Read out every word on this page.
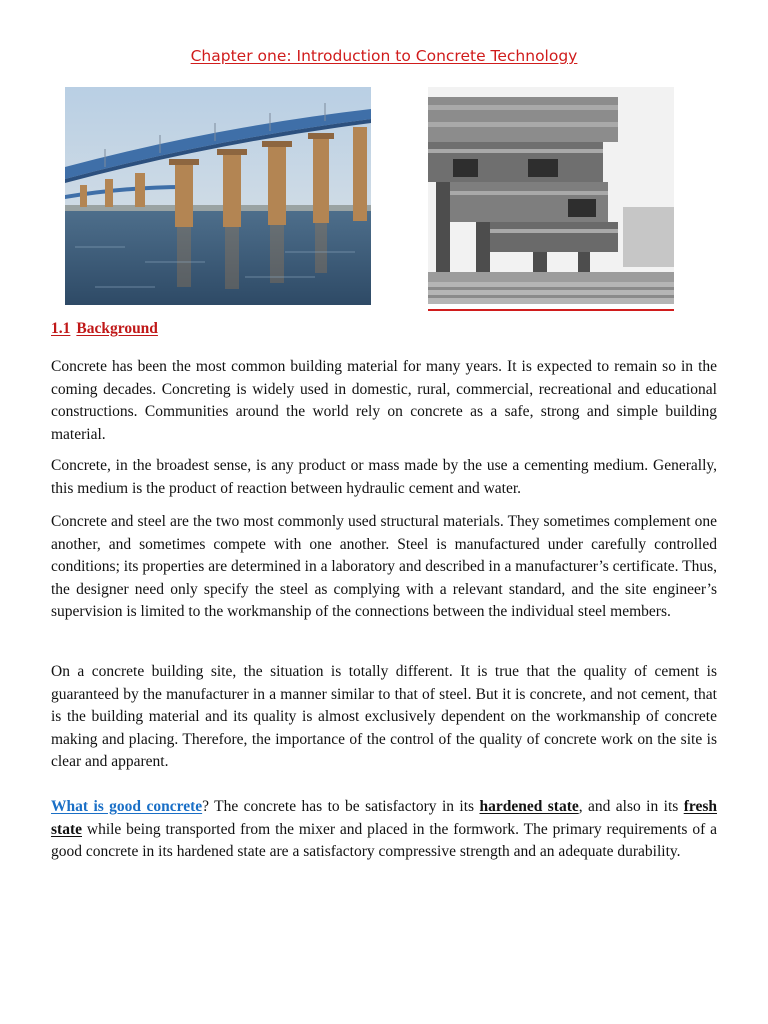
Chapter one: Introduction to Concrete Technology
1.1 Background

Concrete has been the most common building material for many years. It is expected to remain so in the coming decades. Concreting is widely used in domestic, rural, commercial, recreational and educational constructions. Communities around the world rely on concrete as a safe, strong and simple building material.

Concrete, in the broadest sense, is any product or mass made by the use a cementing medium. Generally, this medium is the product of reaction between hydraulic cement and water.

Concrete and steel are the two most commonly used structural materials. They sometimes complement one another, and sometimes compete with one another. Steel is manufactured under carefully controlled conditions; its properties are determined in a laboratory and described in a manufacturer’s certificate. Thus, the designer need only specify the steel as complying with a relevant standard, and the site engineer’s supervision is limited to the workmanship of the connections between the individual steel members.

On a concrete building site, the situation is totally different. It is true that the quality of cement is guaranteed by the manufacturer in a manner similar to that of steel. But it is concrete, and not cement, that is the building material and its quality is almost exclusively dependent on the workmanship of concrete making and placing. Therefore, the importance of the control of the quality of concrete work on the site is clear and apparent.

What is good concrete? The concrete has to be satisfactory in its hardened state, and also in its fresh state while being transported from the mixer and placed in the formwork. The primary requirements of a good concrete in its hardened state are a satisfactory compressive strength and an adequate durability.
